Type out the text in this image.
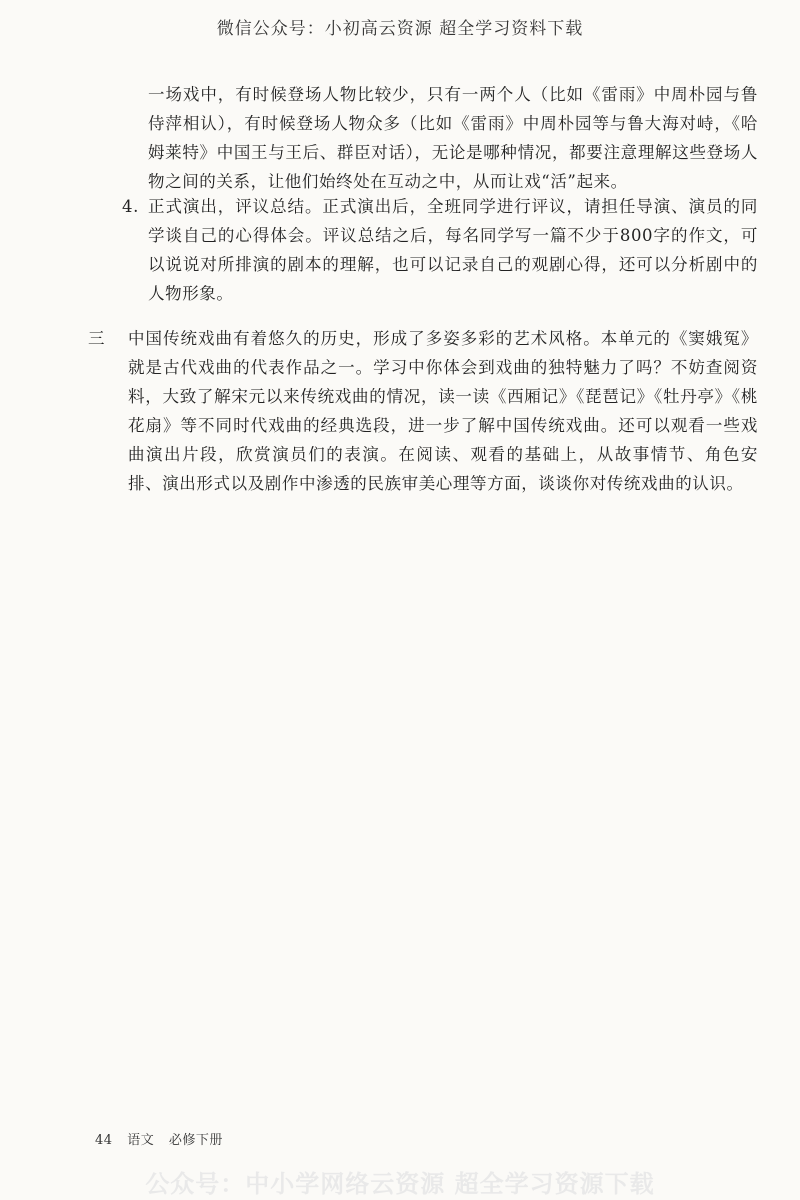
微信公众号：小初高云资源 超全学习资料下载
一场戏中，有时候登场人物比较少，只有一两个人（比如《雷雨》中周朴园与鲁侍萍相认），有时候登场人物众多（比如《雷雨》中周朴园等与鲁大海对峙，《哈姆莱特》中国王与王后、群臣对话），无论是哪种情况，都要注意理解这些登场人物之间的关系，让他们始终处在互动之中，从而让戏“活”起来。
4. 正式演出，评议总结。正式演出后，全班同学进行评议，请担任导演、演员的同学谈自己的心得体会。评议总结之后，每名同学写一篇不少于800字的作文，可以说说对所排演的剧本的理解，也可以记录自己的观剧心得，还可以分析剧中的人物形象。
三 中国传统戏曲有着悠久的历史，形成了多姿多彩的艺术风格。本单元的《窦娥冤》就是古代戏曲的代表作品之一。学习中你体会到戏曲的独特魅力了吗？不妨查阅资料，大致了解宋元以来传统戏曲的情况，读一读《西厢记》《琵琶记》《牡丹亭》《桃花扇》等不同时代戏曲的经典选段，进一步了解中国传统戏曲。还可以观看一些戏曲演出片段，欣赏演员们的表演。在阅读、观看的基础上，从故事情节、角色安排、演出形式以及剧作中渗透的民族审美心理等方面，谈谈你对传统戏曲的认识。
44 语文 必修下册
公众号：中小学网络云资源 超全学习资源下载
